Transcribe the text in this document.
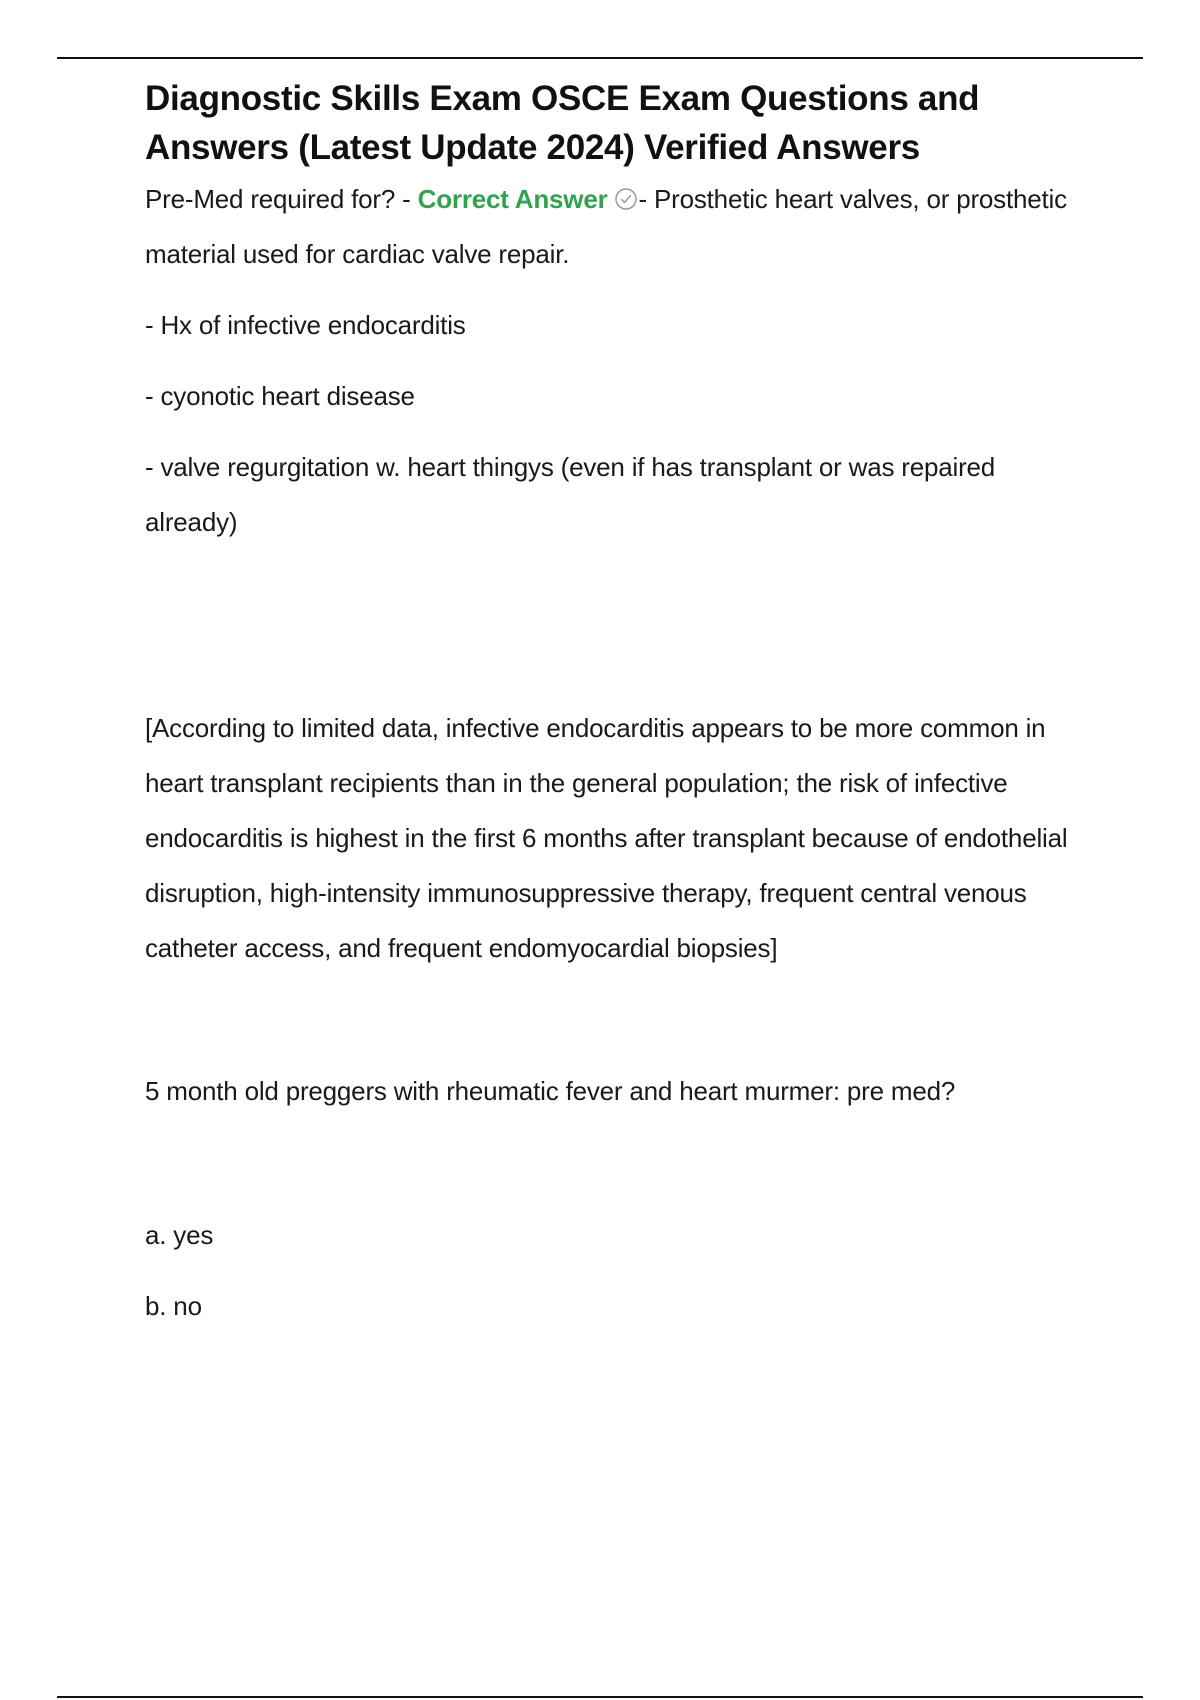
Diagnostic Skills Exam OSCE Exam Questions and Answers (Latest Update 2024) Verified Answers

Pre-Med required for? - Correct Answer - Prosthetic heart valves, or prosthetic material used for cardiac valve repair.

- Hx of infective endocarditis

- cyonotic heart disease

- valve regurgitation w. heart thingys (even if has transplant or was repaired already)

[According to limited data, infective endocarditis appears to be more common in heart transplant recipients than in the general population; the risk of infective endocarditis is highest in the first 6 months after transplant because of endothelial disruption, high-intensity immunosuppressive therapy, frequent central venous catheter access, and frequent endomyocardial biopsies]

5 month old preggers with rheumatic fever and heart murmer: pre med?

a. yes

b. no
